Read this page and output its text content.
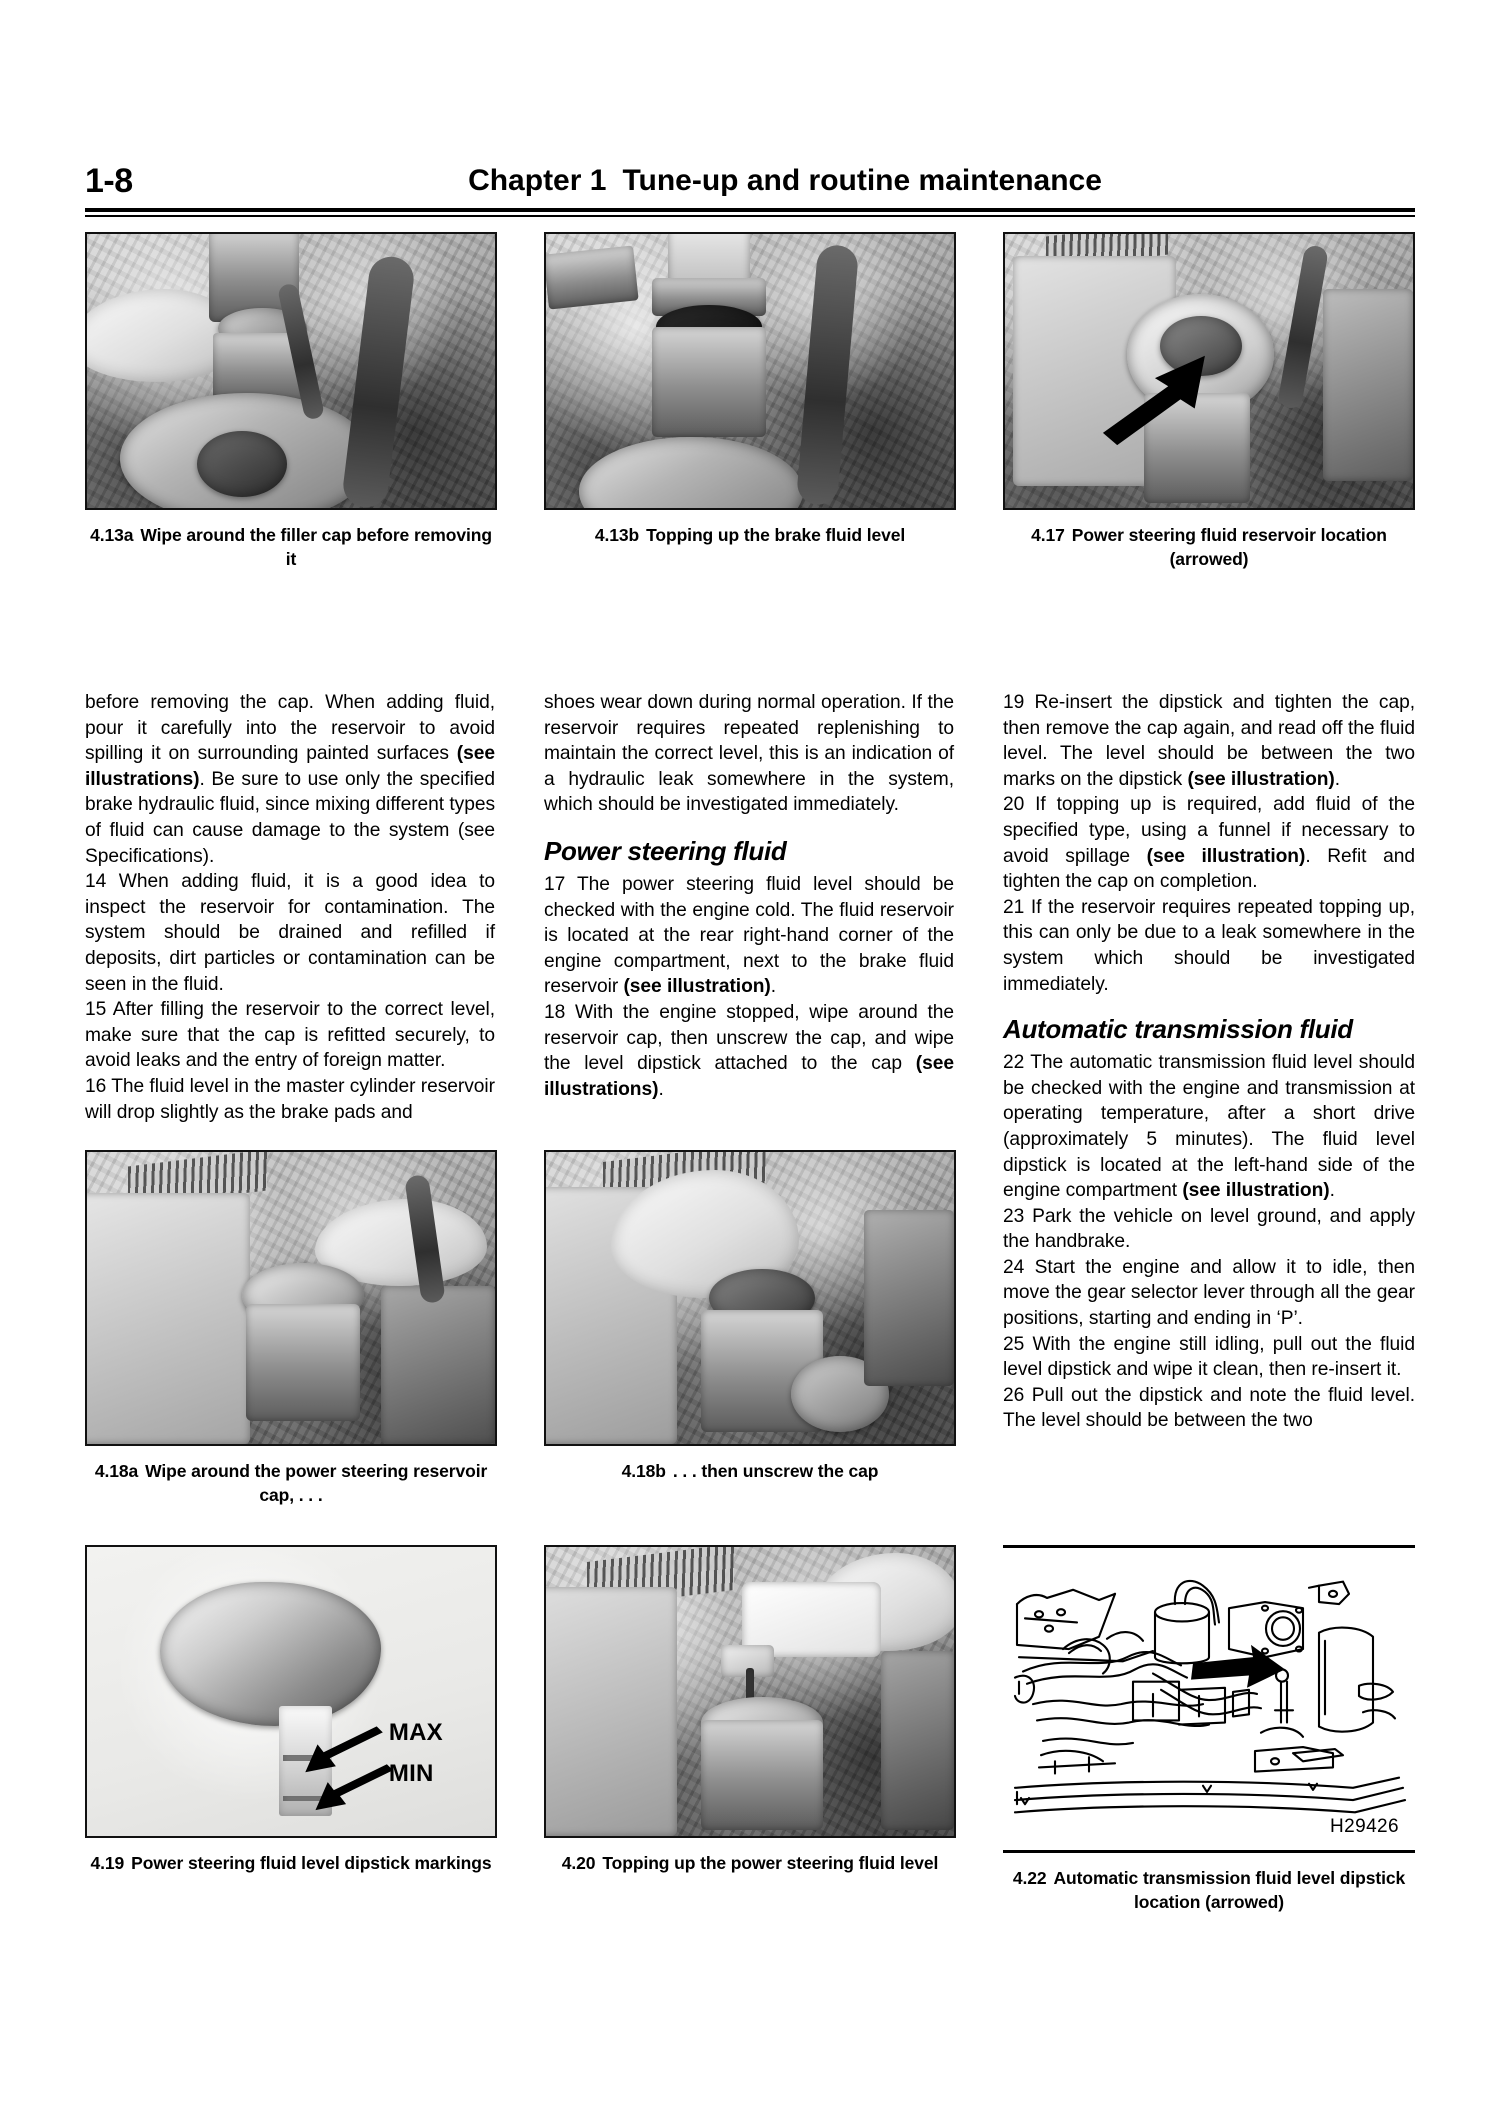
1-8	Chapter 1 Tune-up and routine maintenance
4.13a Wipe around the filler cap before removing it
4.13b Topping up the brake fluid level	4.17 Power steering fluid reservoir location (arrowed)

before removing the cap. When adding fluid, pour it carefully into the reservoir to avoid spilling it on surrounding painted surfaces (see illustrations). Be sure to use only the specified brake hydraulic fluid, since mixing different types of fluid can cause damage to the system (see Specifications).

14 When adding fluid, it is a good idea to inspect the reservoir for contamination. The system should be drained and refilled if deposits, dirt particles or contamination can be seen in the fluid.

15 After filling the reservoir to the correct level, make sure that the cap is refitted securely, to avoid leaks and the entry of foreign matter.

16 The fluid level in the master cylinder reservoir will drop slightly as the brake pads and

shoes wear down during normal operation. If the reservoir requires repeated replenishing to maintain the correct level, this is an indication of a hydraulic leak somewhere in the system, which should be investigated immediately.

Power steering fluid

17 The power steering fluid level should be checked with the engine cold. The fluid reservoir is located at the rear right-hand corner of the engine compartment, next to the brake fluid reservoir (see illustration).

18 With the engine stopped, wipe around the reservoir cap, then unscrew the cap, and wipe the level dipstick attached to the cap (see illustrations).

19 Re-insert the dipstick and tighten the cap, then remove the cap again, and read off the fluid level. The level should be between the two marks on the dipstick (see illustration).

20 If topping up is required, add fluid of the specified type, using a funnel if necessary to avoid spillage (see illustration). Refit and tighten the cap on completion.

21 If the reservoir requires repeated topping up, this can only be due to a leak somewhere in the system which should be investigated immediately.

Automatic transmission fluid

22 The automatic transmission fluid level should be checked with the engine and transmission at operating temperature, after a short drive (approximately 5 minutes). The fluid level dipstick is located at the left-hand side of the engine compartment (see illustration).

23 Park the vehicle on level ground, and apply the handbrake.

24 Start the engine and allow it to idle, then move the gear selector lever through all the gear positions, starting and ending in ‘P’.

25 With the engine still idling, pull out the fluid level dipstick and wipe it clean, then re-insert it.

26 Pull out the dipstick and note the fluid level. The level should be between the two

4.18a Wipe around the power steering reservoir cap, . . .
4.18b . . . then unscrew the cap
MAX
MIN
4.19 Power steering fluid level dipstick markings	4.20 Topping up the power steering fluid level
H29426
4.22 Automatic transmission fluid level dipstick location (arrowed)
